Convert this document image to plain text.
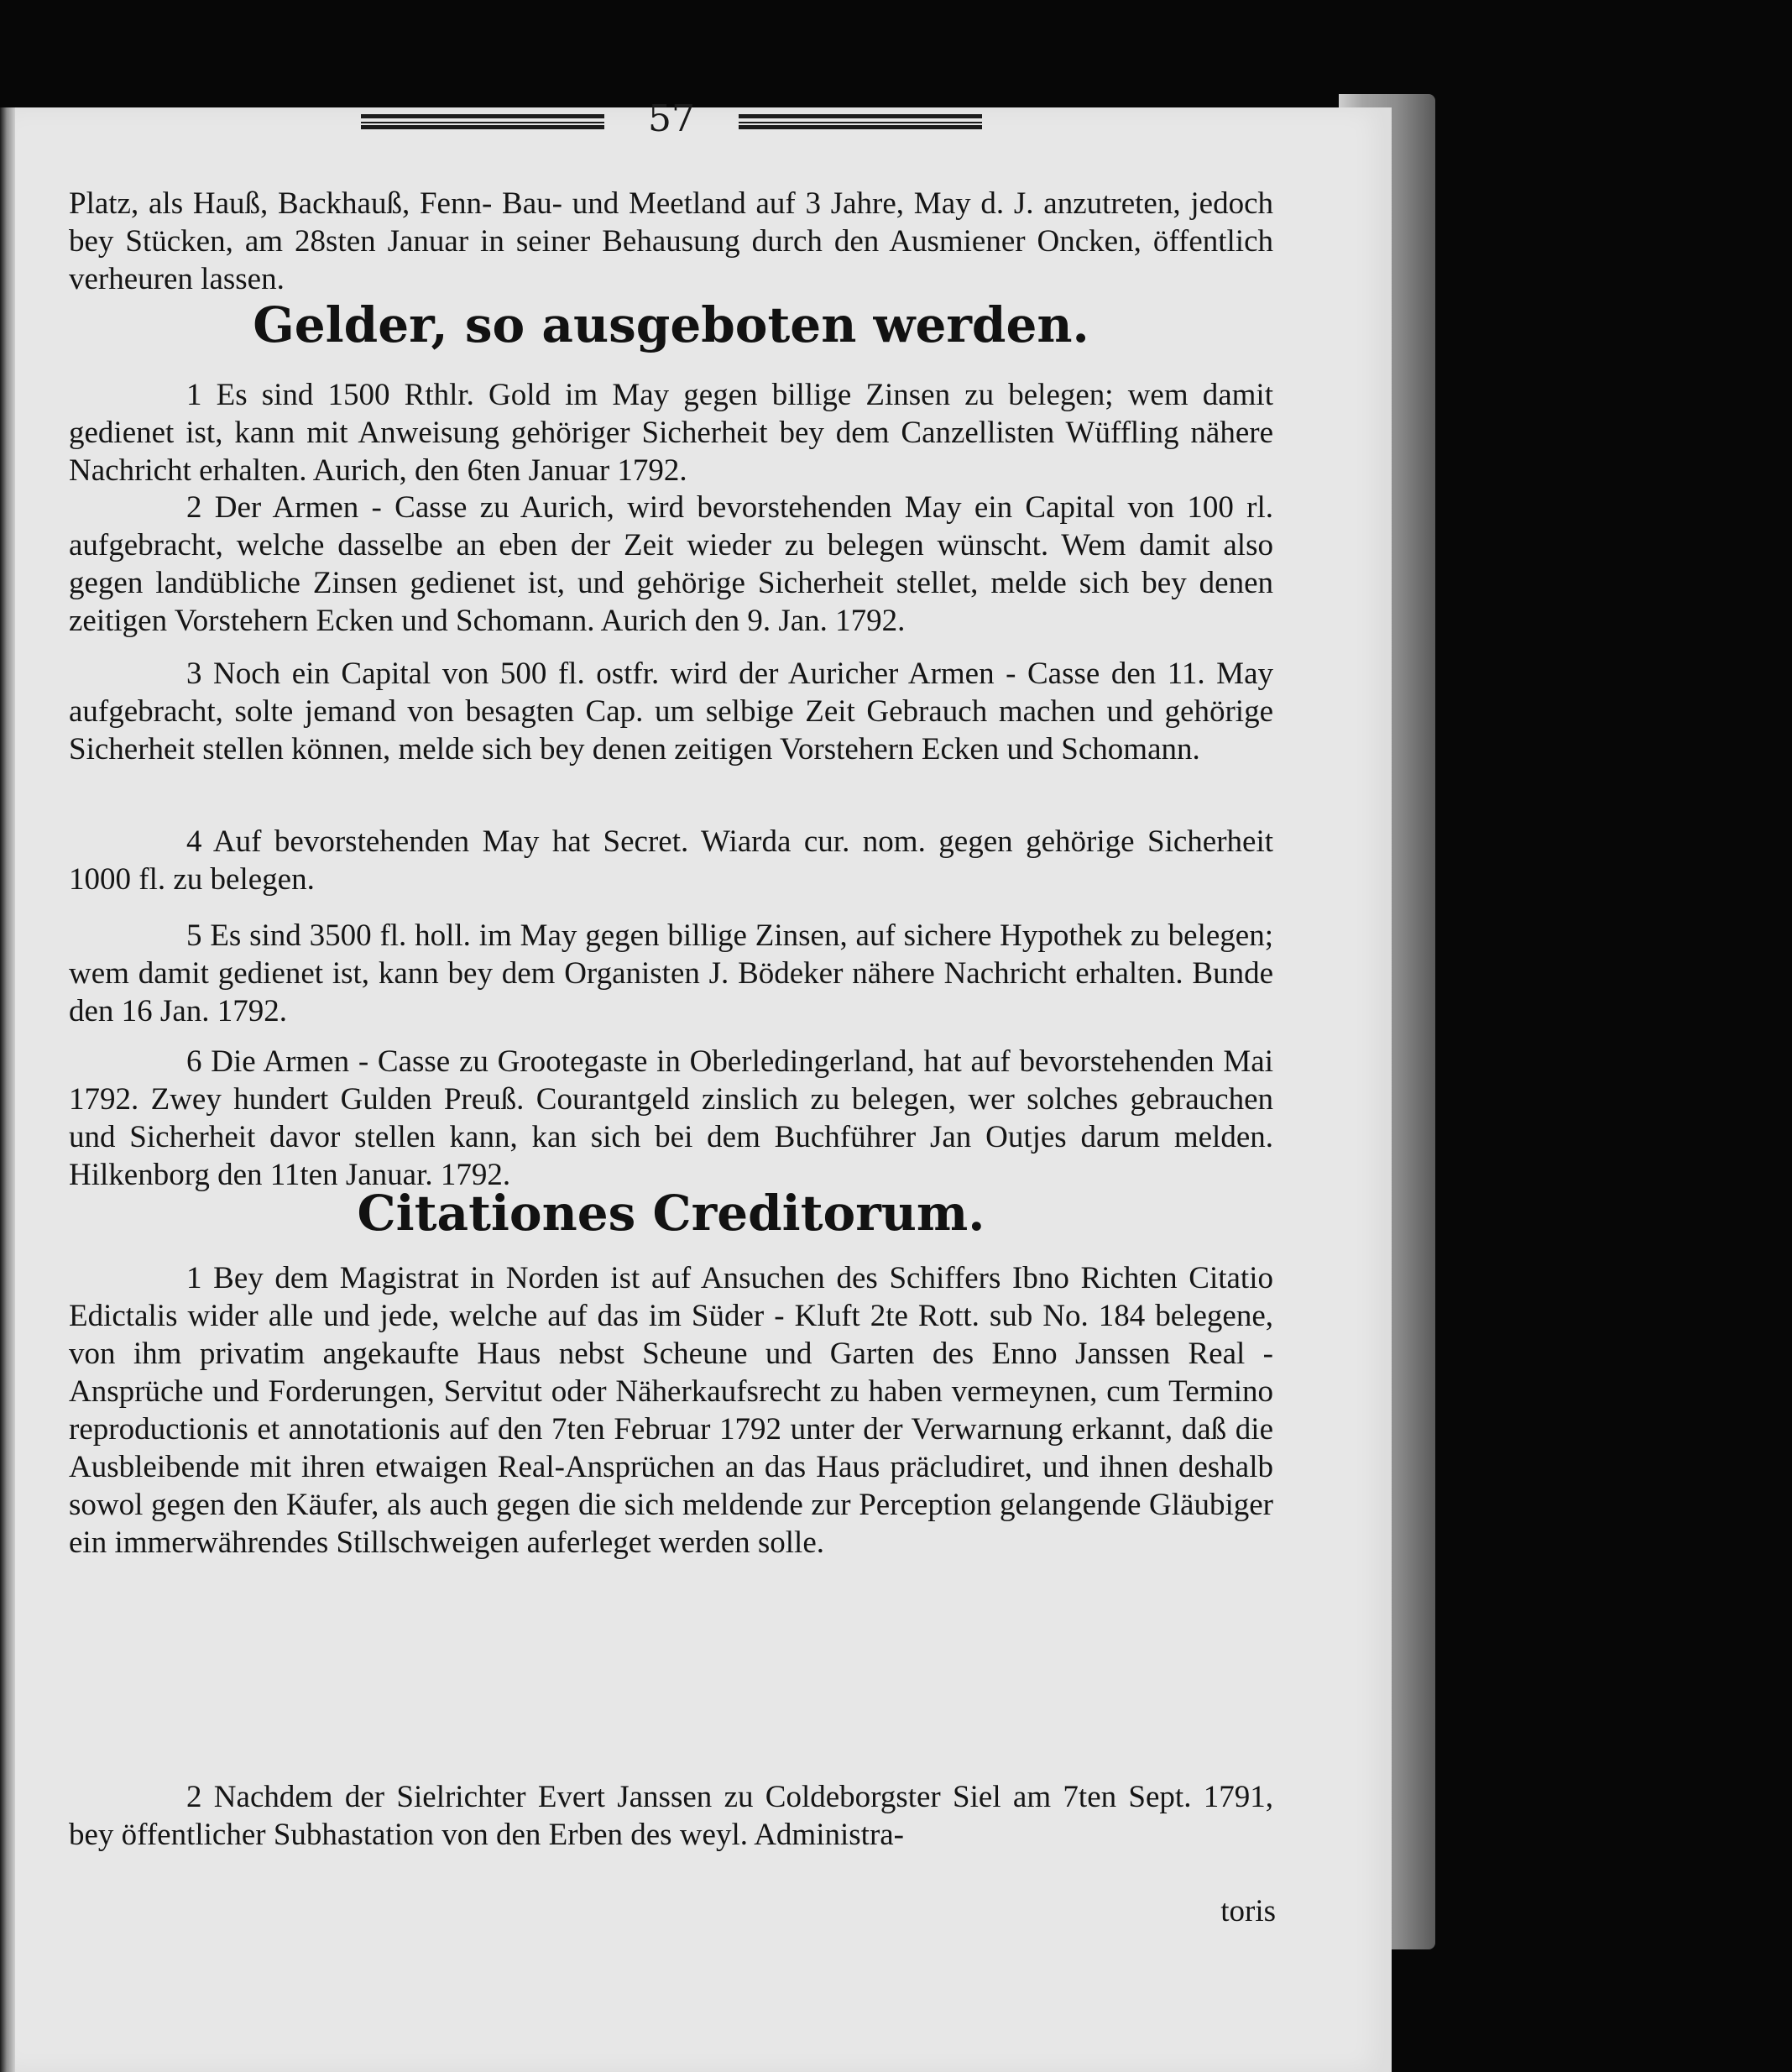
57

Platz, als Hauß, Backhauß, Fenn- Bau- und Meetland auf 3 Jahre, May d. J. anzutreten, jedoch bey Stücken, am 28sten Januar in seiner Behausung durch den Ausmiener Oncken, öffentlich verheuren lassen.

Gelder, so ausgeboten werden.

1 Es sind 1500 Rthlr. Gold im May gegen billige Zinsen zu belegen; wem damit gedienet ist, kann mit Anweisung gehöriger Sicherheit bey dem Canzellisten Wüffling nähere Nachricht erhalten. Aurich, den 6ten Januar 1792.

2 Der Armen - Casse zu Aurich, wird bevorstehenden May ein Capital von 100 rl. aufgebracht, welche dasselbe an eben der Zeit wieder zu belegen wünscht. Wem damit also gegen landübliche Zinsen gedienet ist, und gehörige Sicherheit stellet, melde sich bey denen zeitigen Vorstehern Ecken und Schomann. Aurich den 9. Jan. 1792.

3 Noch ein Capital von 500 fl. ostfr. wird der Auricher Armen - Casse den 11. May aufgebracht, solte jemand von besagten Cap. um selbige Zeit Gebrauch machen und gehörige Sicherheit stellen können, melde sich bey denen zeitigen Vorstehern Ecken und Schomann.

4 Auf bevorstehenden May hat Secret. Wiarda cur. nom. gegen gehörige Sicherheit 1000 fl. zu belegen.

5 Es sind 3500 fl. holl. im May gegen billige Zinsen, auf sichere Hypothek zu belegen; wem damit gedienet ist, kann bey dem Organisten J. Bödeker nähere Nachricht erhalten. Bunde den 16 Jan. 1792.

6 Die Armen - Casse zu Grootegaste in Oberledingerland, hat auf bevorstehenden Mai 1792. Zwey hundert Gulden Preuß. Courantgeld zinslich zu belegen, wer solches gebrauchen und Sicherheit davor stellen kann, kan sich bei dem Buchführer Jan Outjes darum melden. Hilkenborg den 11ten Januar. 1792.

Citationes Creditorum.

1 Bey dem Magistrat in Norden ist auf Ansuchen des Schiffers Ibno Richten Citatio Edictalis wider alle und jede, welche auf das im Süder - Kluft 2te Rott. sub No. 184 belegene, von ihm privatim angekaufte Haus nebst Scheune und Garten des Enno Janssen Real - Ansprüche und Forderungen, Servitut oder Näherkaufsrecht zu haben vermeynen, cum Termino reproductionis et annotationis auf den 7ten Februar 1792 unter der Verwarnung erkannt, daß die Ausbleibende mit ihren etwaigen Real-Ansprüchen an das Haus präcludiret, und ihnen deshalb sowol gegen den Käufer, als auch gegen die sich meldende zur Perception gelangende Gläubiger ein immerwährendes Stillschweigen auferleget werden solle.

2 Nachdem der Sielrichter Evert Janssen zu Coldeborgster Siel am 7ten Sept. 1791, bey öffentlicher Subhastation von den Erben des weyl. Administra-

toris
